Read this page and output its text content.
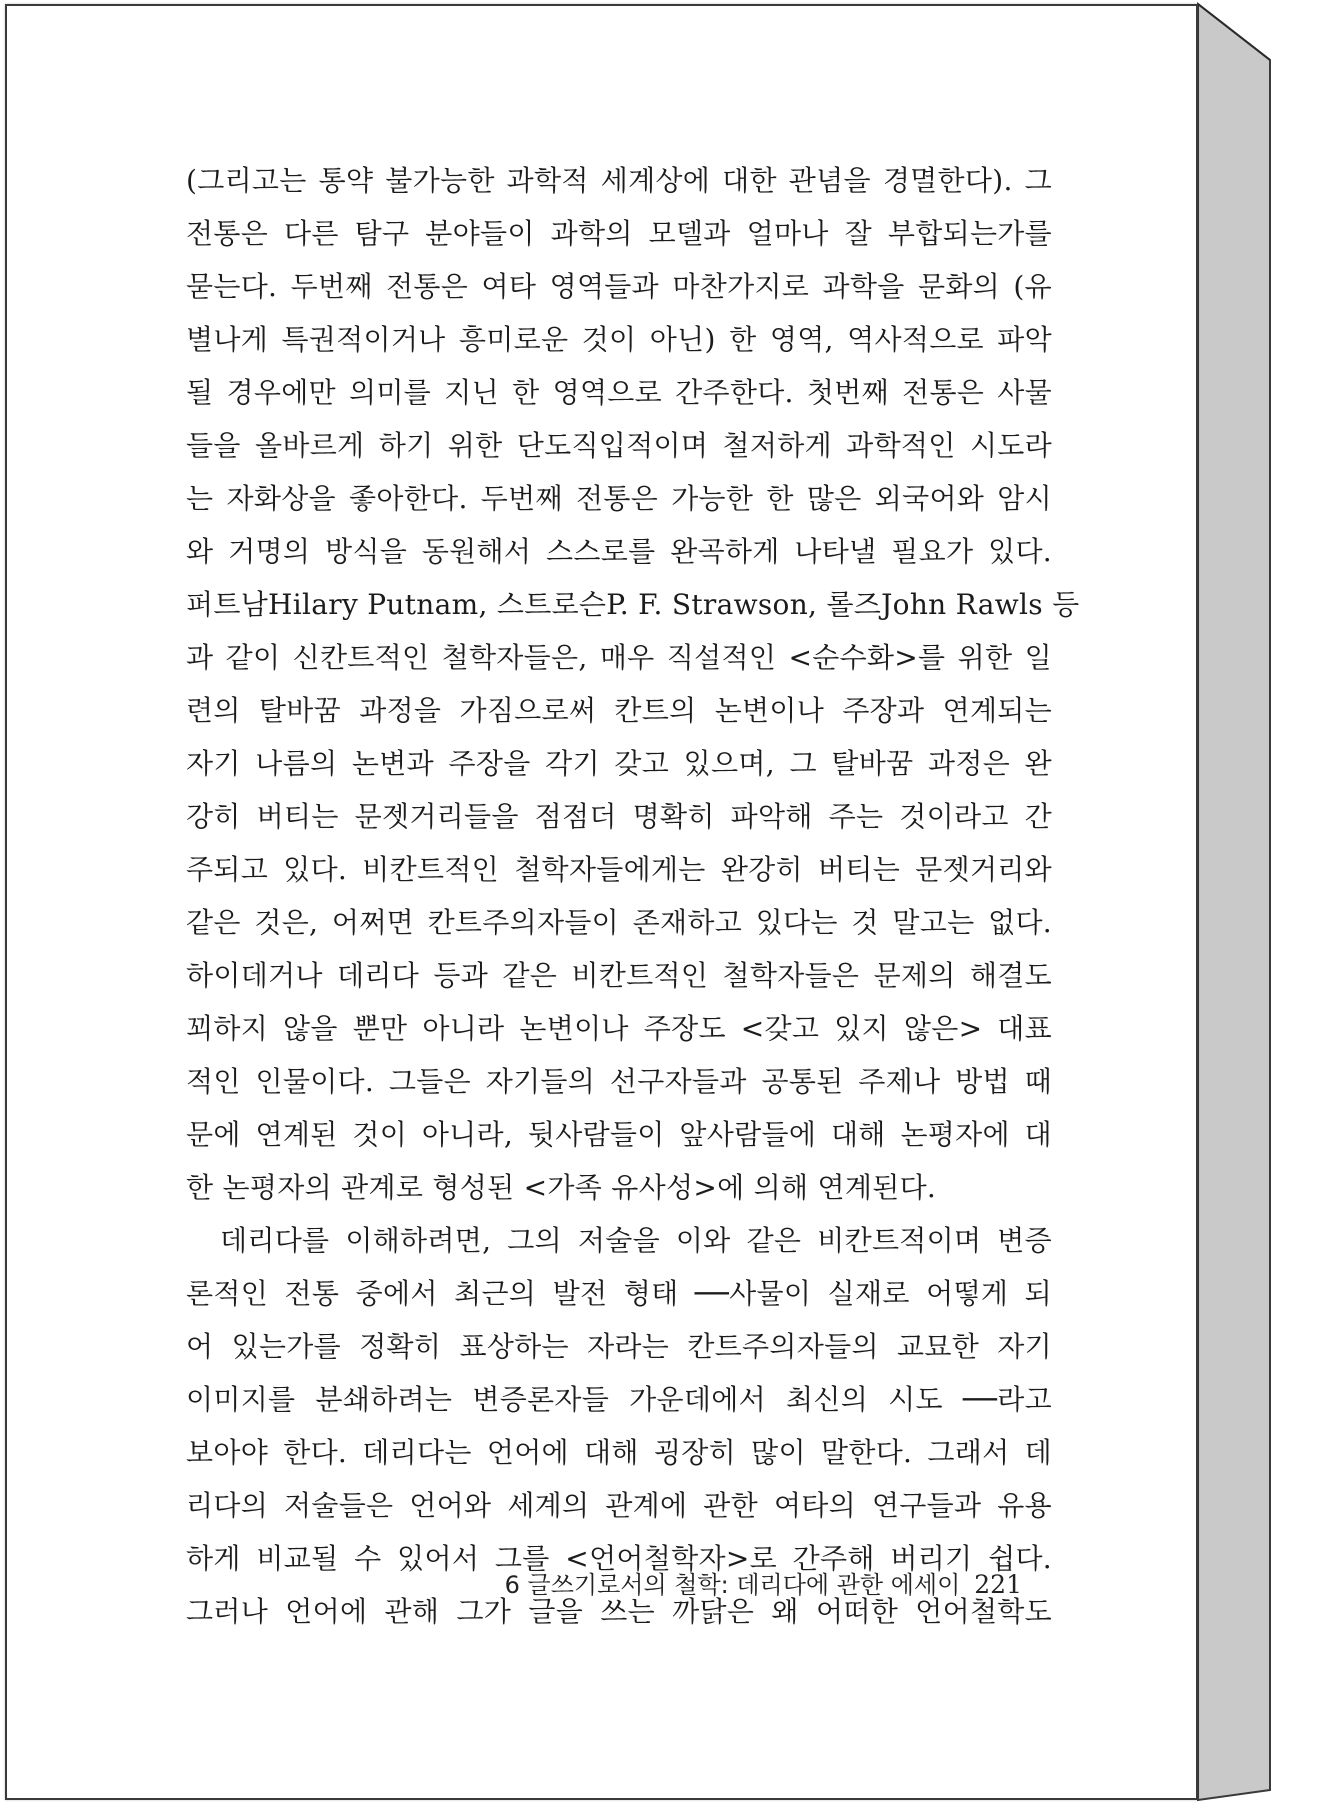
(그리고는 통약 불가능한 과학적 세계상에 대한 관념을 경멸한다). 그
전통은 다른 탐구 분야들이 과학의 모델과 얼마나 잘 부합되는가를
묻는다. 두번째 전통은 여타 영역들과 마찬가지로 과학을 문화의 (유
별나게 특권적이거나 흥미로운 것이 아닌) 한 영역, 역사적으로 파악
될 경우에만 의미를 지닌 한 영역으로 간주한다. 첫번째 전통은 사물
들을 올바르게 하기 위한 단도직입적이며 철저하게 과학적인 시도라
는 자화상을 좋아한다. 두번째 전통은 가능한 한 많은 외국어와 암시
와 거명의 방식을 동원해서 스스로를 완곡하게 나타낼 필요가 있다.
퍼트남Hilary Putnam, 스트로슨P. F. Strawson, 롤즈John Rawls 등
과 같이 신칸트적인 철학자들은, 매우 직설적인 <순수화>를 위한 일
련의 탈바꿈 과정을 가짐으로써 칸트의 논변이나 주장과 연계되는
자기 나름의 논변과 주장을 각기 갖고 있으며, 그 탈바꿈 과정은 완
강히 버티는 문젯거리들을 점점더 명확히 파악해 주는 것이라고 간
주되고 있다. 비칸트적인 철학자들에게는 완강히 버티는 문젯거리와
같은 것은, 어쩌면 칸트주의자들이 존재하고 있다는 것 말고는 없다.
하이데거나 데리다 등과 같은 비칸트적인 철학자들은 문제의 해결도
꾀하지 않을 뿐만 아니라 논변이나 주장도 <갖고 있지 않은> 대표
적인 인물이다. 그들은 자기들의 선구자들과 공통된 주제나 방법 때
문에 연계된 것이 아니라, 뒷사람들이 앞사람들에 대해 논평자에 대
한 논평자의 관계로 형성된 <가족 유사성>에 의해 연계된다.
데리다를 이해하려면, 그의 저술을 이와 같은 비칸트적이며 변증
론적인 전통 중에서 최근의 발전 형태 ──사물이 실재로 어떻게 되
어 있는가를 정확히 표상하는 자라는 칸트주의자들의 교묘한 자기
이미지를 분쇄하려는 변증론자들 가운데에서 최신의 시도 ──라고
보아야 한다. 데리다는 언어에 대해 굉장히 많이 말한다. 그래서 데
리다의 저술들은 언어와 세계의 관계에 관한 여타의 연구들과 유용
하게 비교될 수 있어서 그를 <언어철학자>로 간주해 버리기 쉽다.
그러나 언어에 관해 그가 글을 쓰는 까닭은 왜 어떠한 언어철학도
6 글쓰기로서의 철학: 데리다에 관한 에세이 221
